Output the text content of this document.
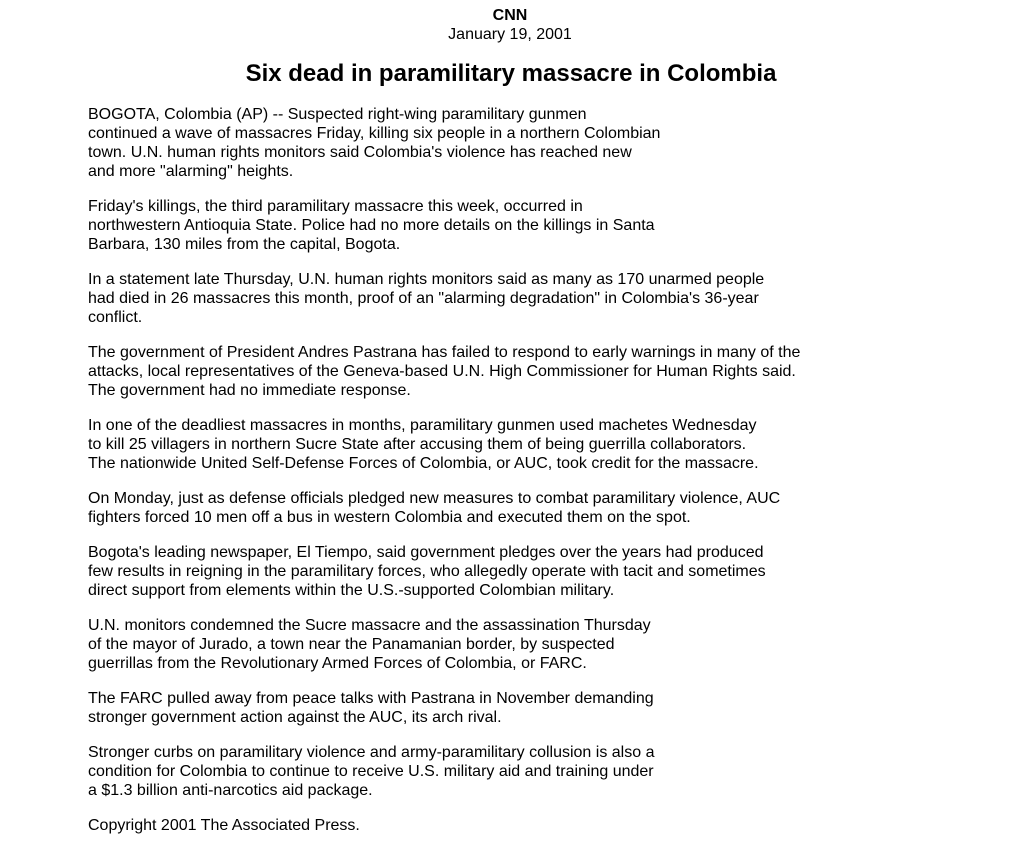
CNN
January 19, 2001
Six dead in paramilitary massacre in Colombia

BOGOTA, Colombia (AP) -- Suspected right-wing paramilitary gunmen
continued a wave of massacres Friday, killing six people in a northern Colombian
town. U.N. human rights monitors said Colombia's violence has reached new
and more "alarming" heights.

Friday's killings, the third paramilitary massacre this week, occurred in
northwestern Antioquia State. Police had no more details on the killings in Santa
Barbara, 130 miles from the capital, Bogota.

In a statement late Thursday, U.N. human rights monitors said as many as 170 unarmed people
had died in 26 massacres this month, proof of an "alarming degradation" in Colombia's 36-year
conflict.

The government of President Andres Pastrana has failed to respond to early warnings in many of the
attacks, local representatives of the Geneva-based U.N. High Commissioner for Human Rights said.
The government had no immediate response.

In one of the deadliest massacres in months, paramilitary gunmen used machetes Wednesday
to kill 25 villagers in northern Sucre State after accusing them of being guerrilla collaborators.
The nationwide United Self-Defense Forces of Colombia, or AUC, took credit for the massacre.

On Monday, just as defense officials pledged new measures to combat paramilitary violence, AUC
fighters forced 10 men off a bus in western Colombia and executed them on the spot.

Bogota's leading newspaper, El Tiempo, said government pledges over the years had produced
few results in reigning in the paramilitary forces, who allegedly operate with tacit and sometimes
direct support from elements within the U.S.-supported Colombian military.

U.N. monitors condemned the Sucre massacre and the assassination Thursday
of the mayor of Jurado, a town near the Panamanian border, by suspected
guerrillas from the Revolutionary Armed Forces of Colombia, or FARC.

The FARC pulled away from peace talks with Pastrana in November demanding
stronger government action against the AUC, its arch rival.

Stronger curbs on paramilitary violence and army-paramilitary collusion is also a
condition for Colombia to continue to receive U.S. military aid and training under
a $1.3 billion anti-narcotics aid package.

Copyright 2001 The Associated Press.
